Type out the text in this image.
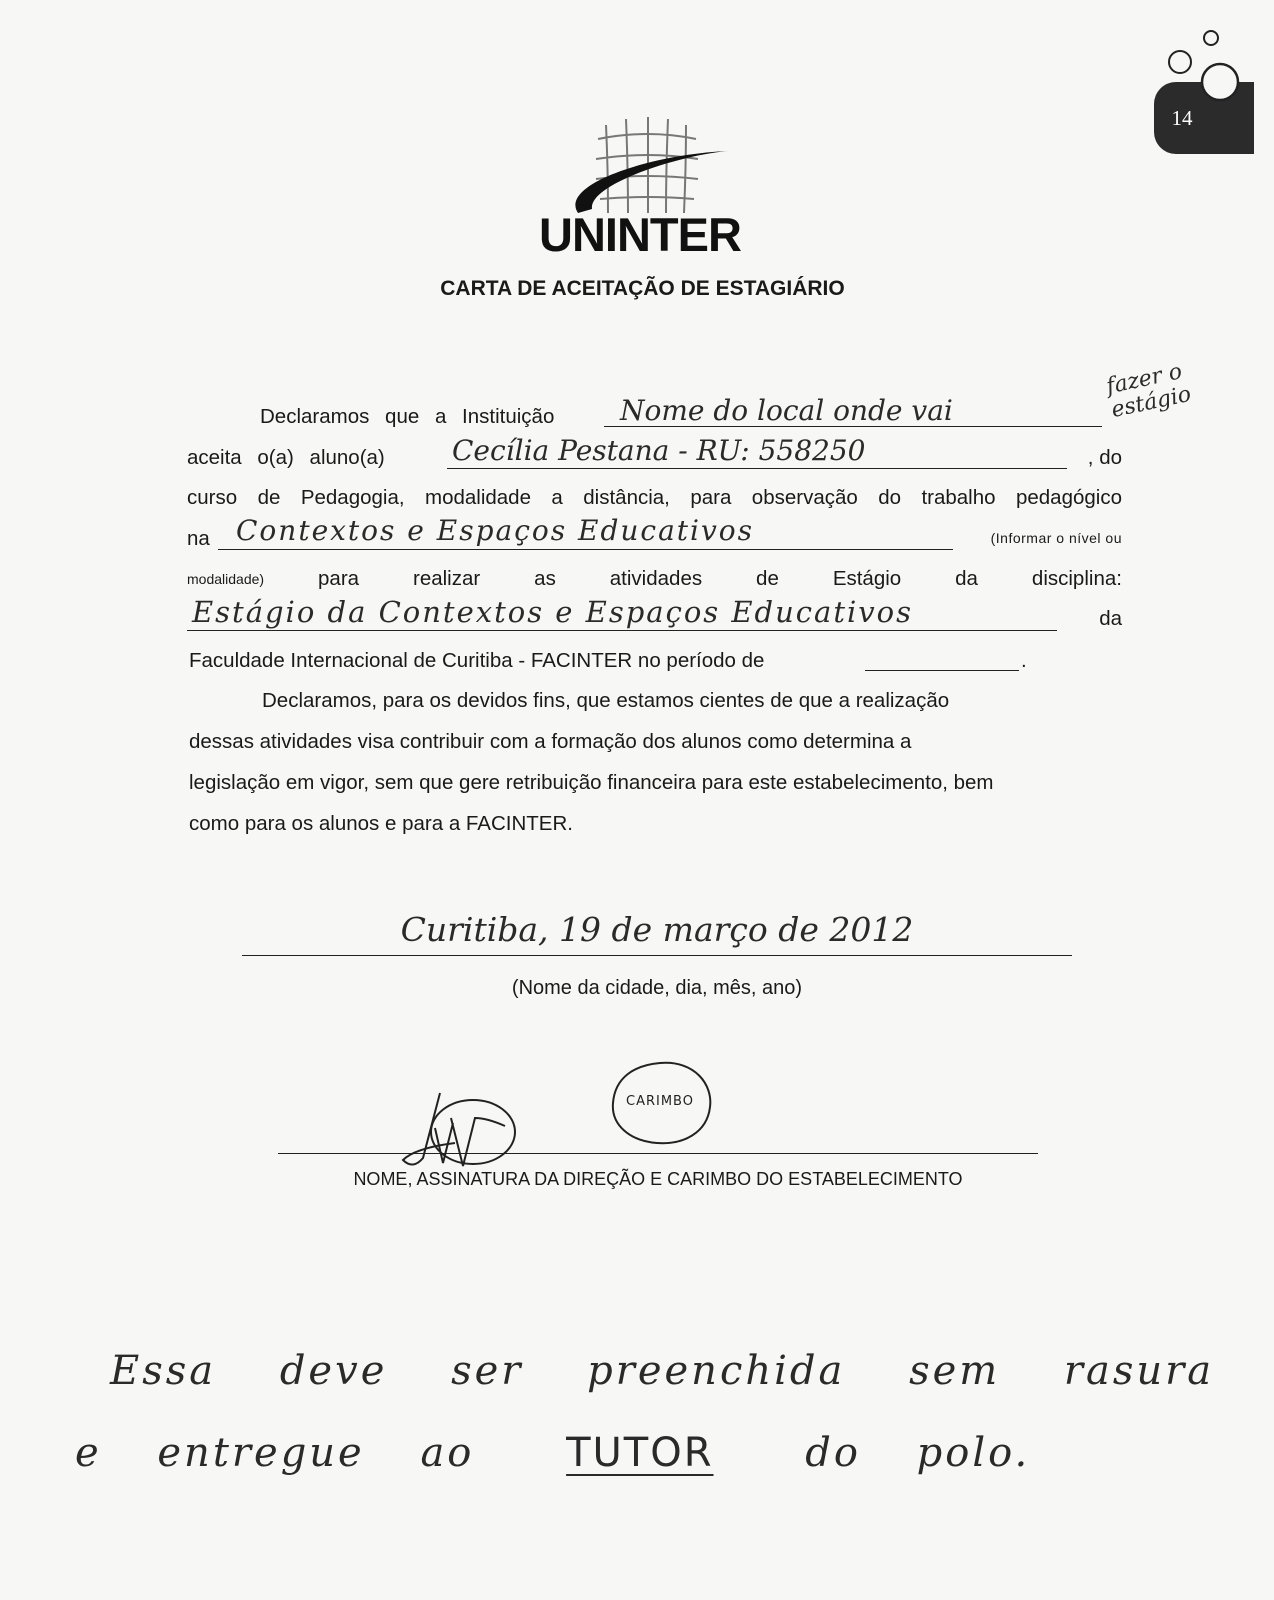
14
UNINTER
CARTA DE ACEITAÇÃO DE ESTAGIÁRIO
Declaramos que a Instituição Nome do local onde vai
fazer o estágio
aceita o(a) aluno(a) Cecília Pestana - RU: 558250	, do
curso de Pedagogia, modalidade a distância, para observação do trabalho pedagógico
na Contextos e Espaços Educativos	(Informar o nível ou
modalidade)	para	realizar	as	atividades	de	Estágio	da	disciplina:
Estágio da Contextos e Espaços Educativos	da
Faculdade Internacional de Curitiba - FACINTER no período de	.
Declaramos, para os devidos fins, que estamos cientes de que a realização
dessas atividades visa contribuir com a formação dos alunos como determina a
legislação em vigor, sem que gere retribuição financeira para este estabelecimento, bem
como para os alunos e para a FACINTER.
Curitiba, 19 de março de 2012
(Nome da cidade, dia, mês, ano)
CARIMBO
NOME, ASSINATURA DA DIREÇÃO E CARIMBO DO ESTABELECIMENTO
Essa deve ser preenchida sem rasura
e entregue ao TUTOR do polo.
